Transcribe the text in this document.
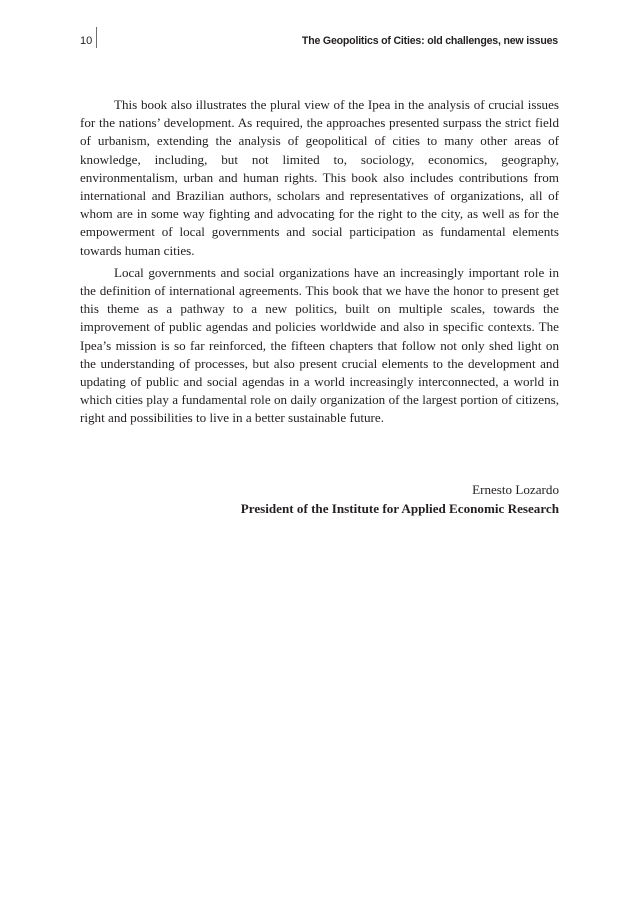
10	The Geopolitics of Cities: old challenges, new issues

This book also illustrates the plural view of the Ipea in the analysis of crucial issues for the nations’ development. As required, the approaches presented surpass the strict field of urbanism, extending the analysis of geopolitical of cities to many other areas of knowledge, including, but not limited to, sociology, economics, geography, environmentalism, urban and human rights. This book also includes contributions from international and Brazilian authors, scholars and representatives of organizations, all of whom are in some way fighting and advocating for the right to the city, as well as for the empowerment of local governments and social participation as fundamental elements towards human cities.

Local governments and social organizations have an increasingly important role in the definition of international agreements. This book that we have the honor to present get this theme as a pathway to a new politics, built on multiple scales, towards the improvement of public agendas and policies worldwide and also in specific contexts. The Ipea’s mission is so far reinforced, the fifteen chapters that follow not only shed light on the understanding of processes, but also present crucial elements to the development and updating of public and social agendas in a world increasingly interconnected, a world in which cities play a fundamental role on daily organization of the largest portion of citizens, right and possibilities to live in a better sustainable future.

Ernesto Lozardo
President of the Institute for Applied Economic Research
